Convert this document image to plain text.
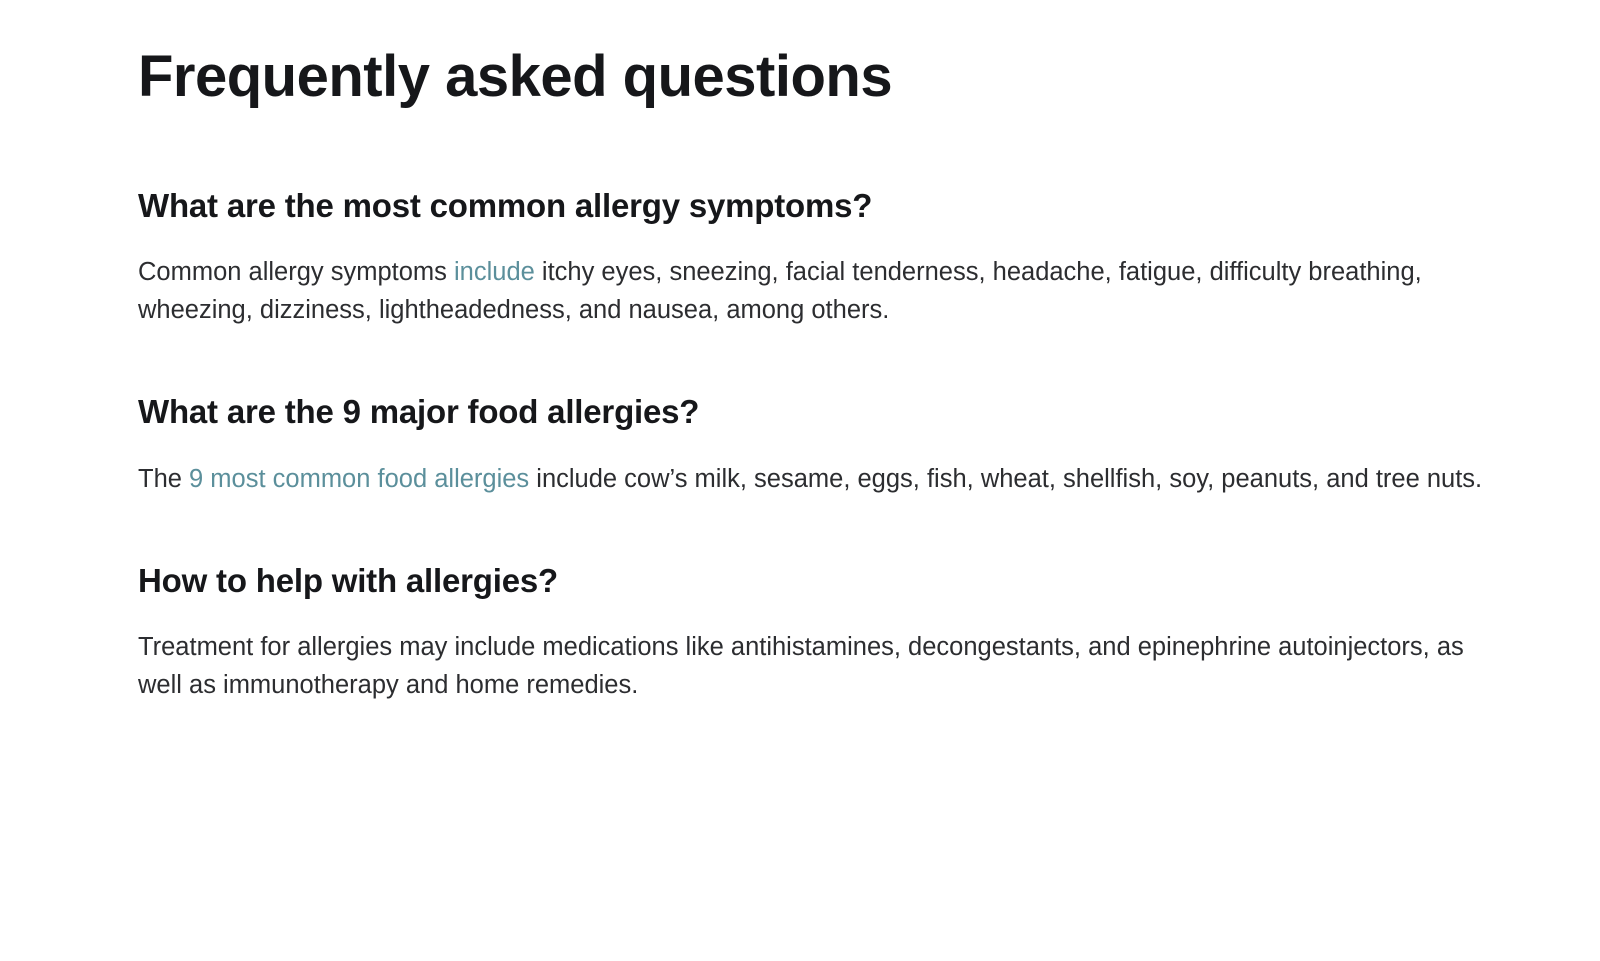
Frequently asked questions
What are the most common allergy symptoms?

Common allergy symptoms include itchy eyes, sneezing, facial tenderness, headache, fatigue, difficulty breathing, wheezing, dizziness, lightheadedness, and nausea, among others.

What are the 9 major food allergies?

The 9 most common food allergies include cow’s milk, sesame, eggs, fish, wheat, shellfish, soy, peanuts, and tree nuts.

How to help with allergies?

Treatment for allergies may include medications like antihistamines, decongestants, and epinephrine autoinjectors, as well as immunotherapy and home remedies.
